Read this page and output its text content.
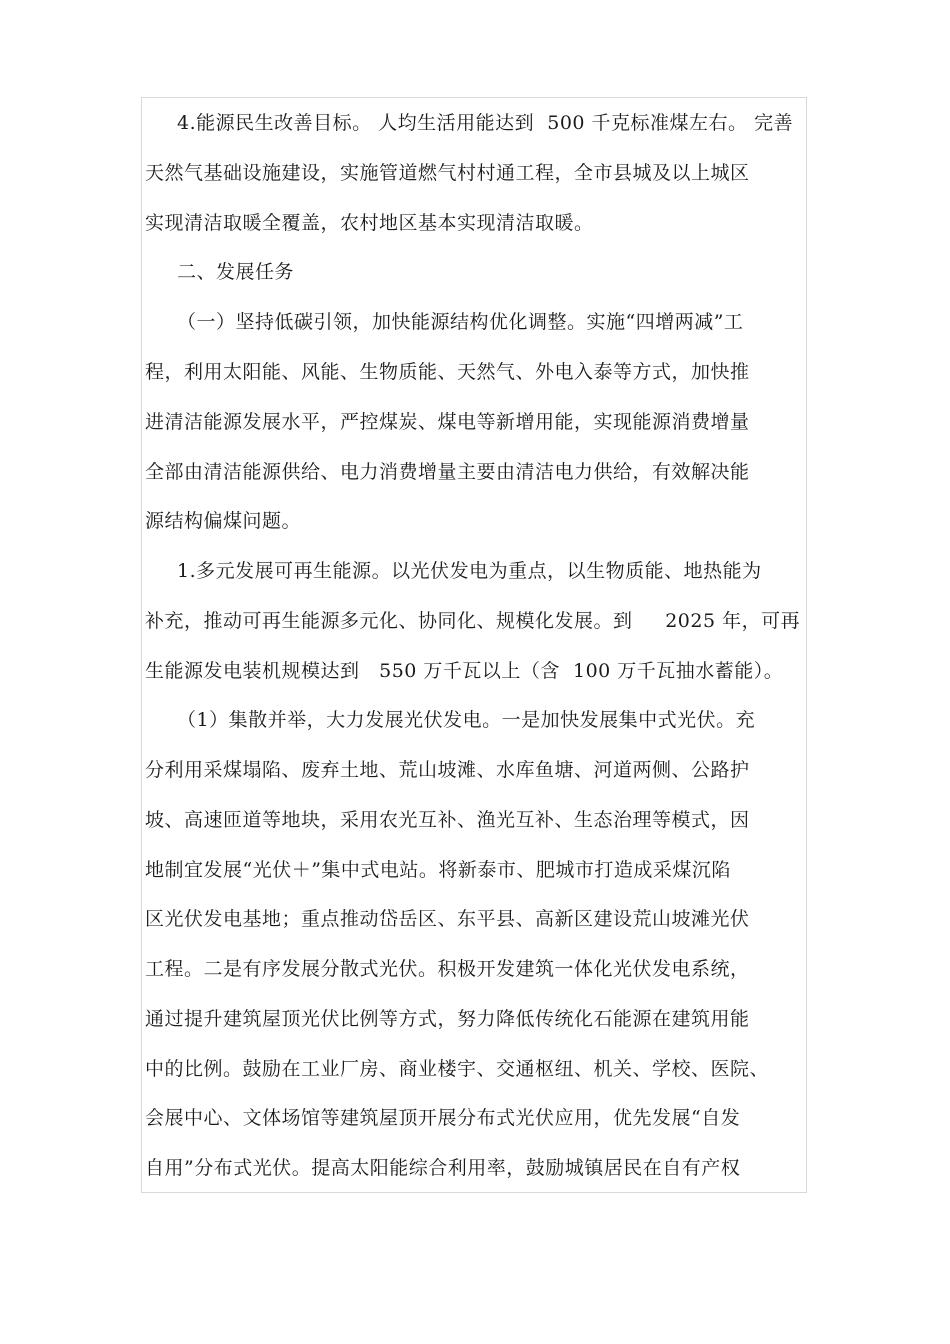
4.能源民生改善目标。 人均生活用能达到  500 千克标准煤左右。 完善
天然气基础设施建设，实施管道燃气村村通工程，全市县城及以上城区
实现清洁取暖全覆盖，农村地区基本实现清洁取暖。
二、发展任务
（一）坚持低碳引领，加快能源结构优化调整。实施“四增两减”工
程，利用太阳能、风能、生物质能、天然气、外电入泰等方式，加快推
进清洁能源发展水平，严控煤炭、煤电等新增用能，实现能源消费增量
全部由清洁能源供给、电力消费增量主要由清洁电力供给，有效解决能
源结构偏煤问题。
1.多元发展可再生能源。以光伏发电为重点，以生物质能、地热能为
补充，推动可再生能源多元化、协同化、规模化发展。到     2025 年，可再
生能源发电装机规模达到   550 万千瓦以上（含  100 万千瓦抽水蓄能）。
（1）集散并举，大力发展光伏发电。一是加快发展集中式光伏。充
分利用采煤塌陷、废弃土地、荒山坡滩、水库鱼塘、河道两侧、公路护
坡、高速匝道等地块，采用农光互补、渔光互补、生态治理等模式，因
地制宜发展“光伏＋”集中式电站。将新泰市、肥城市打造成采煤沉陷
区光伏发电基地；重点推动岱岳区、东平县、高新区建设荒山坡滩光伏
工程。二是有序发展分散式光伏。积极开发建筑一体化光伏发电系统，
通过提升建筑屋顶光伏比例等方式，努力降低传统化石能源在建筑用能
中的比例。鼓励在工业厂房、商业楼宇、交通枢纽、机关、学校、医院、
会展中心、文体场馆等建筑屋顶开展分布式光伏应用，优先发展“自发
自用”分布式光伏。提高太阳能综合利用率，鼓励城镇居民在自有产权
